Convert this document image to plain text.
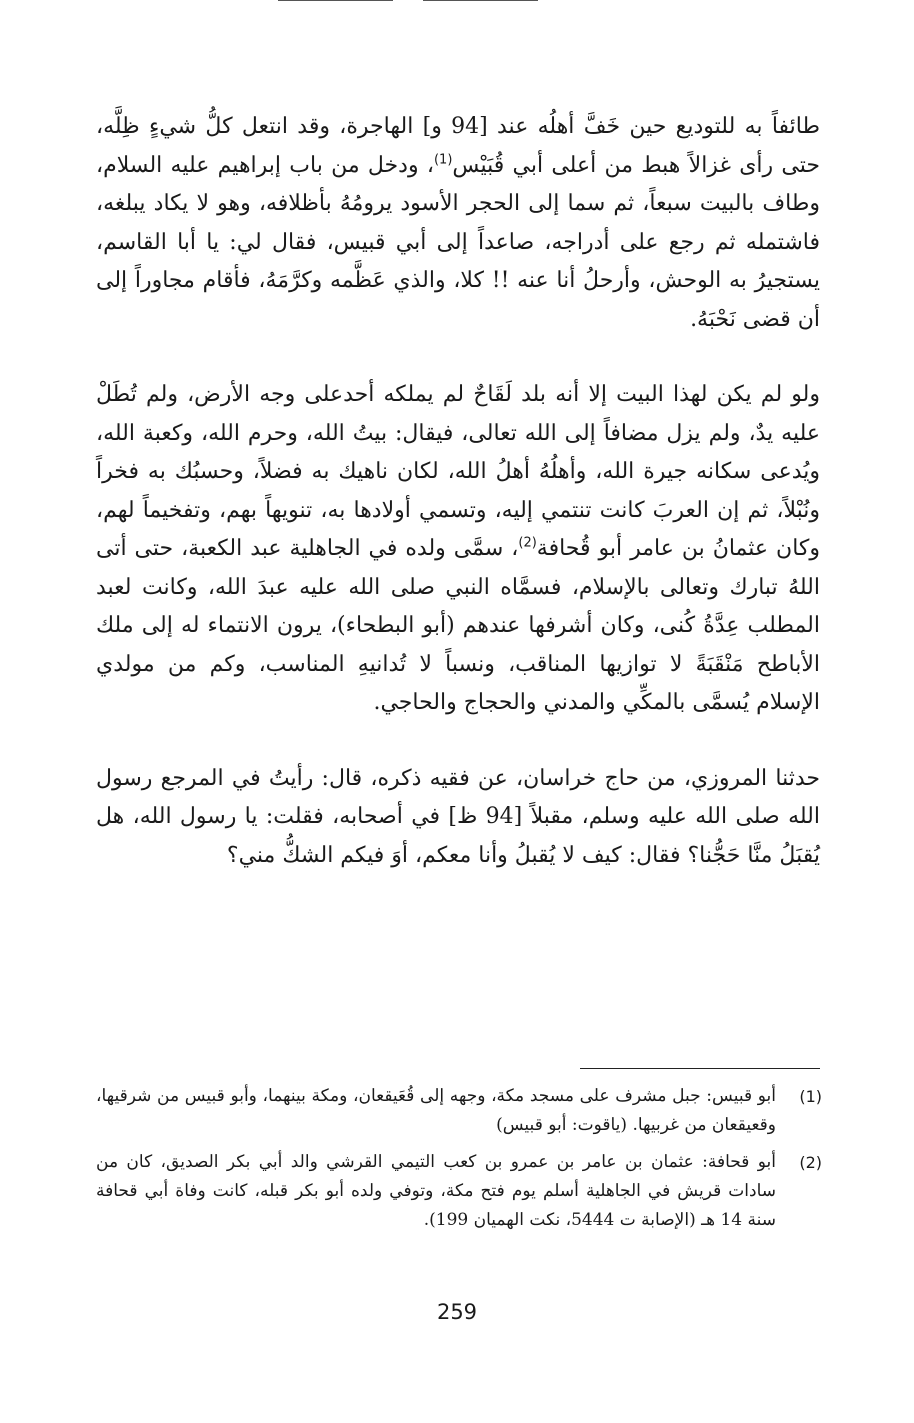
طائفاً به للتوديع حين خَفَّ أهلُه عند [94 و] الهاجرة، وقد انتعل كلُّ شيءٍ ظِلَّه، حتى رأى غزالاً هبط من أعلى أبي قُبَيْس$^{(1)}$، ودخل من باب إبراهيم عليه السلام، وطاف بالبيت سبعاً، ثم سما إلى الحجر الأسود يرومُهُ بأظلافه، وهو لا يكاد يبلغه، فاشتمله ثم رجع على أدراجه، صاعداً إلى أبي قبيس، فقال لي: يا أبا القاسم، يستجيرُ به الوحش، وأرحلُ أنا عنه !! كلا، والذي عَظَّمه وكرَّمَهُ، فأقام مجاوراً إلى أن قضى نَحْبَهُ.

ولو لم يكن لهذا البيت إلا أنه بلد لَقَاحٌ لم يملكه أحدعلى وجه الأرض، ولم تُطَلْ عليه يدٌ، ولم يزل مضافاً إلى الله تعالى، فيقال: بيتُ الله، وحرم الله، وكعبة الله، ويُدعى سكانه جيرة الله، وأهلُهُ أهلُ الله، لكان ناهيك به فضلاً، وحسبُك به فخراً ونُبْلاً، ثم إن العربَ كانت تنتمي إليه، وتسمي أولادها به، تنويهاً بهم، وتفخيماً لهم، وكان عثمانُ بن عامر أبو قُحافة$^{(2)}$، سمَّى ولده في الجاهلية عبد الكعبة، حتى أتى اللهُ تبارك وتعالى بالإسلام، فسمَّاه النبي صلى الله عليه عبدَ الله، وكانت لعبد المطلب عِدَّةُ كُنى، وكان أشرفها عندهم (أبو البطحاء)، يرون الانتماء له إلى ملك الأباطح مَنْقَبَةً لا توازيها المناقب، ونسباً لا تُدانيهِ المناسب، وكم من مولدي الإسلام يُسمَّى بالمكِّي والمدني والحجاج والحاجي.

حدثنا المروزي، من حاج خراسان، عن فقيه ذكره، قال: رأيتُ في المرجع رسول الله صلى الله عليه وسلم، مقبلاً [94 ظ] في أصحابه، فقلت: يا رسول الله، هل يُقبَلُ منَّا حَجُّنا؟ فقال: كيف لا يُقبلُ وأنا معكم، أوَ فيكم الشكُّ مني؟

(1)
أبو قبيس: جبل مشرف على مسجد مكة، وجهه إلى قُعَيقعان، ومكة بينهما، وأبو قبيس من شرقيها، وقعيقعان من غربيها. (ياقوت: أبو قبيس)
(2)
أبو قحافة: عثمان بن عامر بن عمرو بن كعب التيمي القرشي والد أبي بكر الصديق، كان من سادات قريش في الجاهلية أسلم يوم فتح مكة، وتوفي ولده أبو بكر قبله، كانت وفاة أبي قحافة سنة 14 هـ (الإصابة ت 5444، نكت الهميان 199).
259
